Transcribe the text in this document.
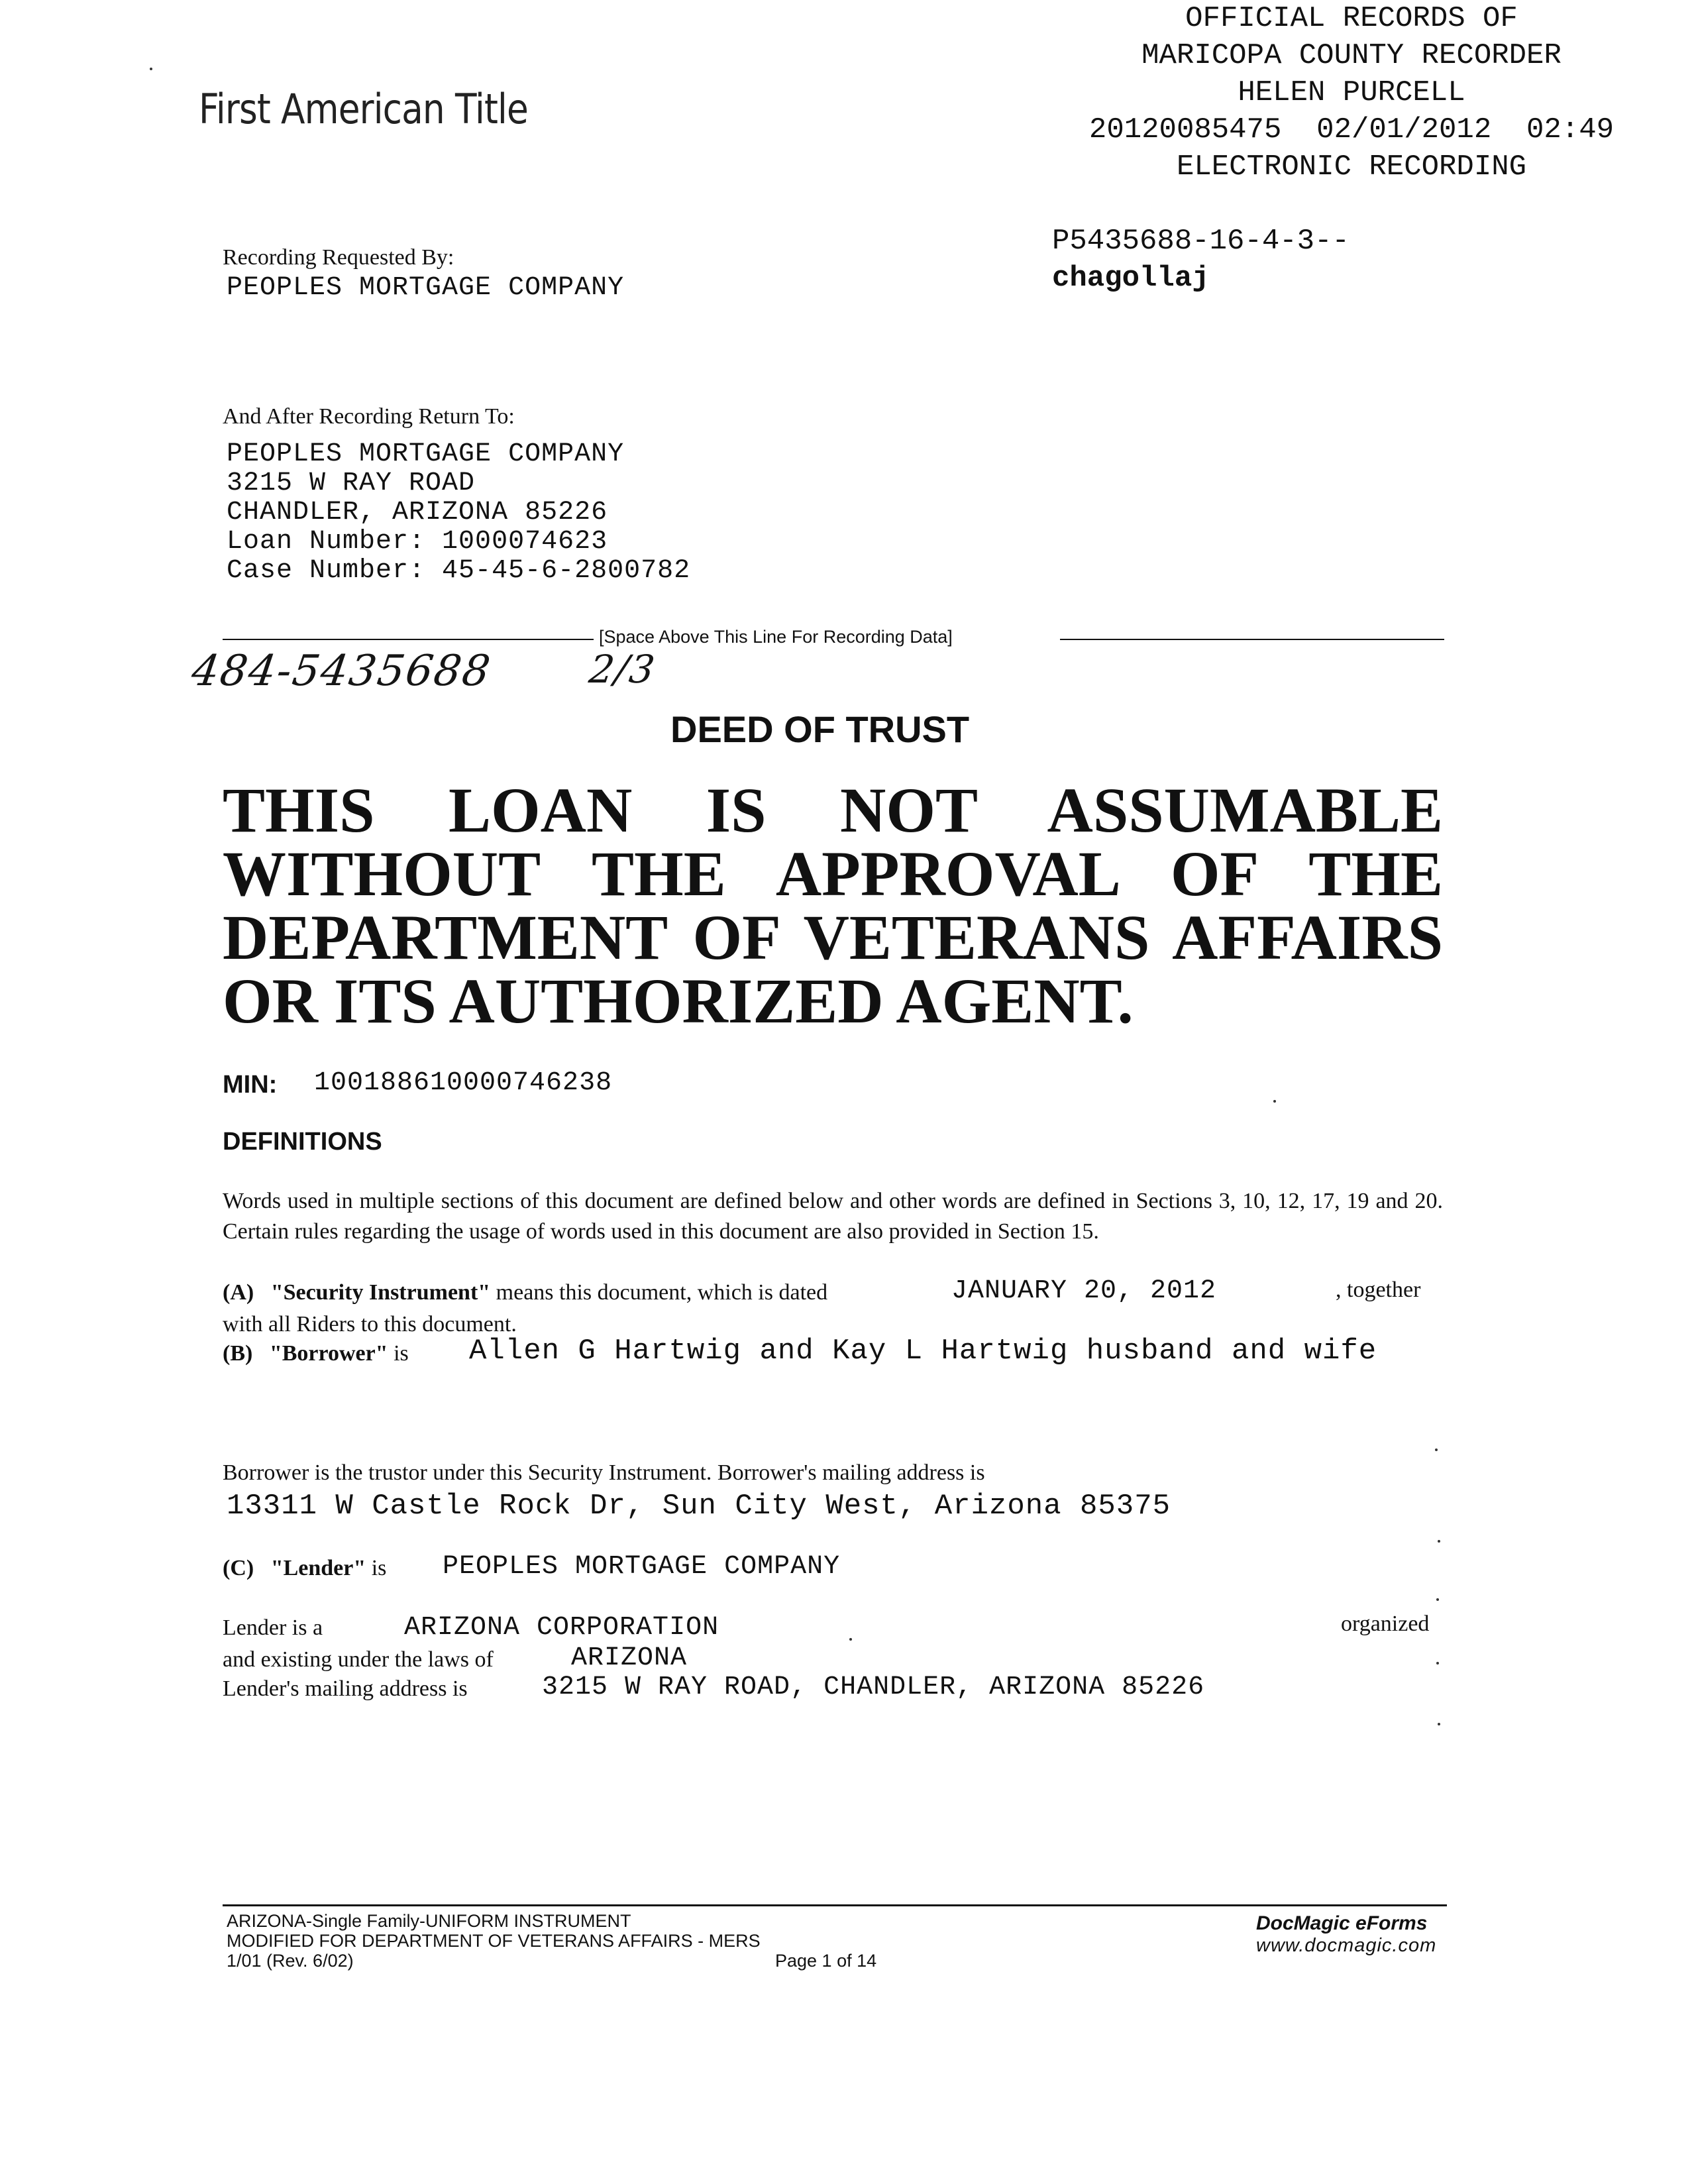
First American Title
OFFICIAL RECORDS OF
MARICOPA COUNTY RECORDER
HELEN PURCELL
20120085475  02/01/2012  02:49
ELECTRONIC RECORDING
P5435688-16-4-3--
chagollaj
Recording Requested By:
PEOPLES MORTGAGE COMPANY
And After Recording Return To:
PEOPLES MORTGAGE COMPANY
3215 W RAY ROAD
CHANDLER, ARIZONA 85226
Loan Number: 1000074623
Case Number: 45-45-6-2800782
[Space Above This Line For Recording Data]
484-5435688 2/3
DEED OF TRUST
THIS LOAN IS NOT ASSUMABLE
WITHOUT THE APPROVAL OF THE
DEPARTMENT OF VETERANS AFFAIRS
OR ITS AUTHORIZED AGENT.
MIN: 100188610000746238
DEFINITIONS
Words used in multiple sections of this document are defined below and other words are defined in Sections 3, 10, 12, 17, 19 and 20. Certain rules regarding the usage of words used in this document are also provided in Section 15.
(A) "Security Instrument" means this document, which is dated	JANUARY 20, 2012	, together
with all Riders to this document.
(B) "Borrower" is Allen G Hartwig and Kay L Hartwig husband and wife
Borrower is the trustor under this Security Instrument. Borrower's mailing address is
13311 W Castle Rock Dr, Sun City West, Arizona 85375
(C) "Lender" is PEOPLES MORTGAGE COMPANY
Lender is a	ARIZONA CORPORATION	organized
and existing under the laws of	ARIZONA
Lender's mailing address is	3215 W RAY ROAD, CHANDLER, ARIZONA 85226
ARIZONA-Single Family-UNIFORM INSTRUMENT
MODIFIED FOR DEPARTMENT OF VETERANS AFFAIRS - MERS
1/01 (Rev. 6/02)	Page 1 of 14
DocMagic eForms
www.docmagic.com
